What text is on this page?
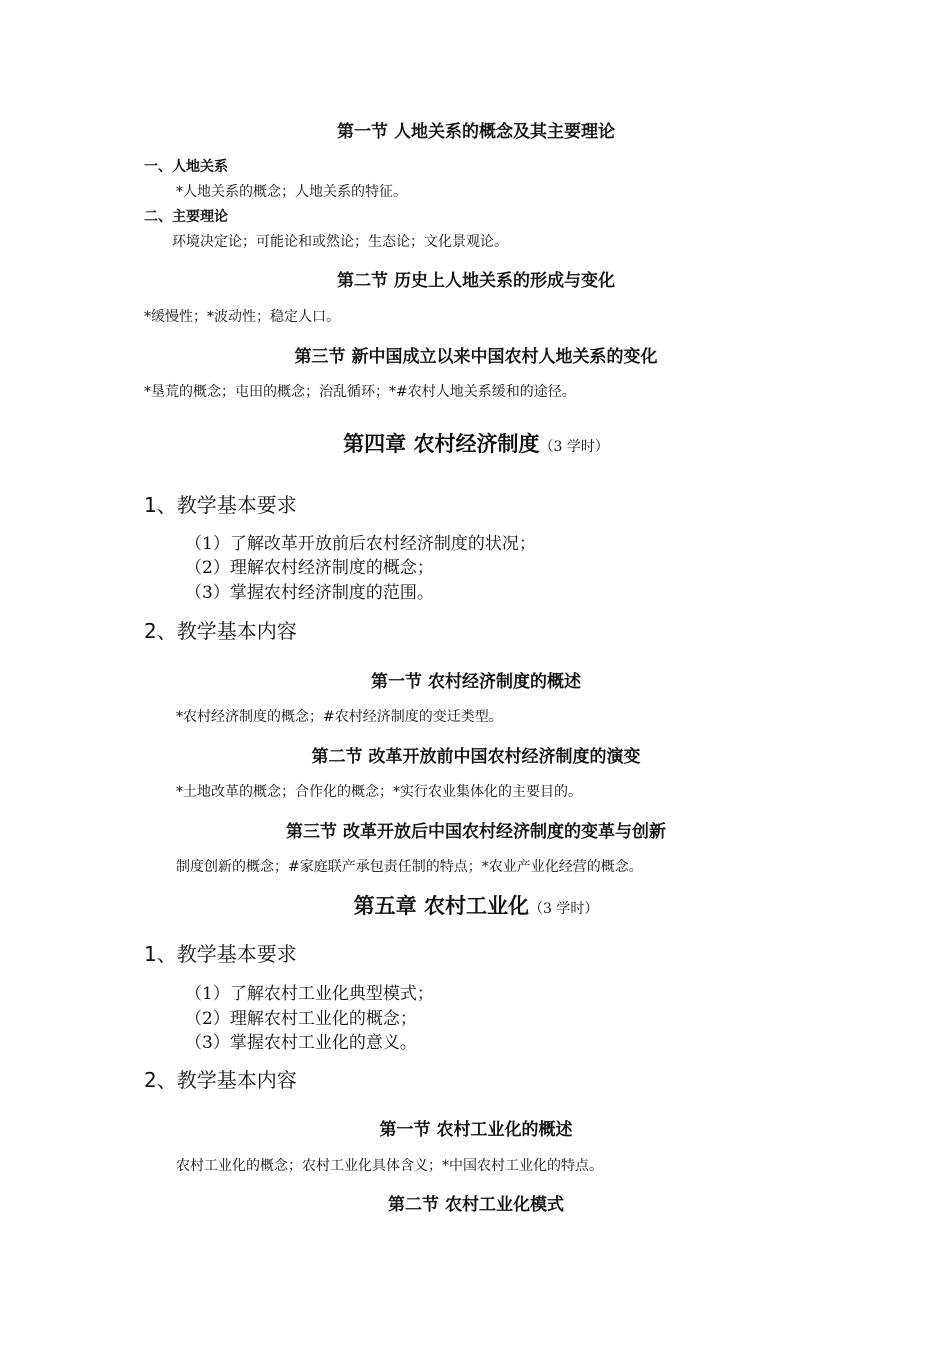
第一节 人地关系的概念及其主要理论
一、人地关系
*人地关系的概念；人地关系的特征。
二、主要理论
环境决定论；可能论和或然论；生态论；文化景观论。
第二节 历史上人地关系的形成与变化
*缓慢性；*波动性；稳定人口。
第三节 新中国成立以来中国农村人地关系的变化
*垦荒的概念；屯田的概念；治乱循环；*#农村人地关系缓和的途径。
第四章 农村经济制度（3 学时）
1、教学基本要求
（1）了解改革开放前后农村经济制度的状况；
（2）理解农村经济制度的概念；
（3）掌握农村经济制度的范围。
2、教学基本内容
第一节 农村经济制度的概述
*农村经济制度的概念；#农村经济制度的变迁类型。
第二节 改革开放前中国农村经济制度的演变
*土地改革的概念；合作化的概念；*实行农业集体化的主要目的。
第三节 改革开放后中国农村经济制度的变革与创新
制度创新的概念；#家庭联产承包责任制的特点；*农业产业化经营的概念。
第五章 农村工业化（3 学时）
1、教学基本要求
（1）了解农村工业化典型模式；
（2）理解农村工业化的概念；
（3）掌握农村工业化的意义。
2、教学基本内容
第一节 农村工业化的概述
农村工业化的概念；农村工业化具体含义；*中国农村工业化的特点。
第二节 农村工业化模式
